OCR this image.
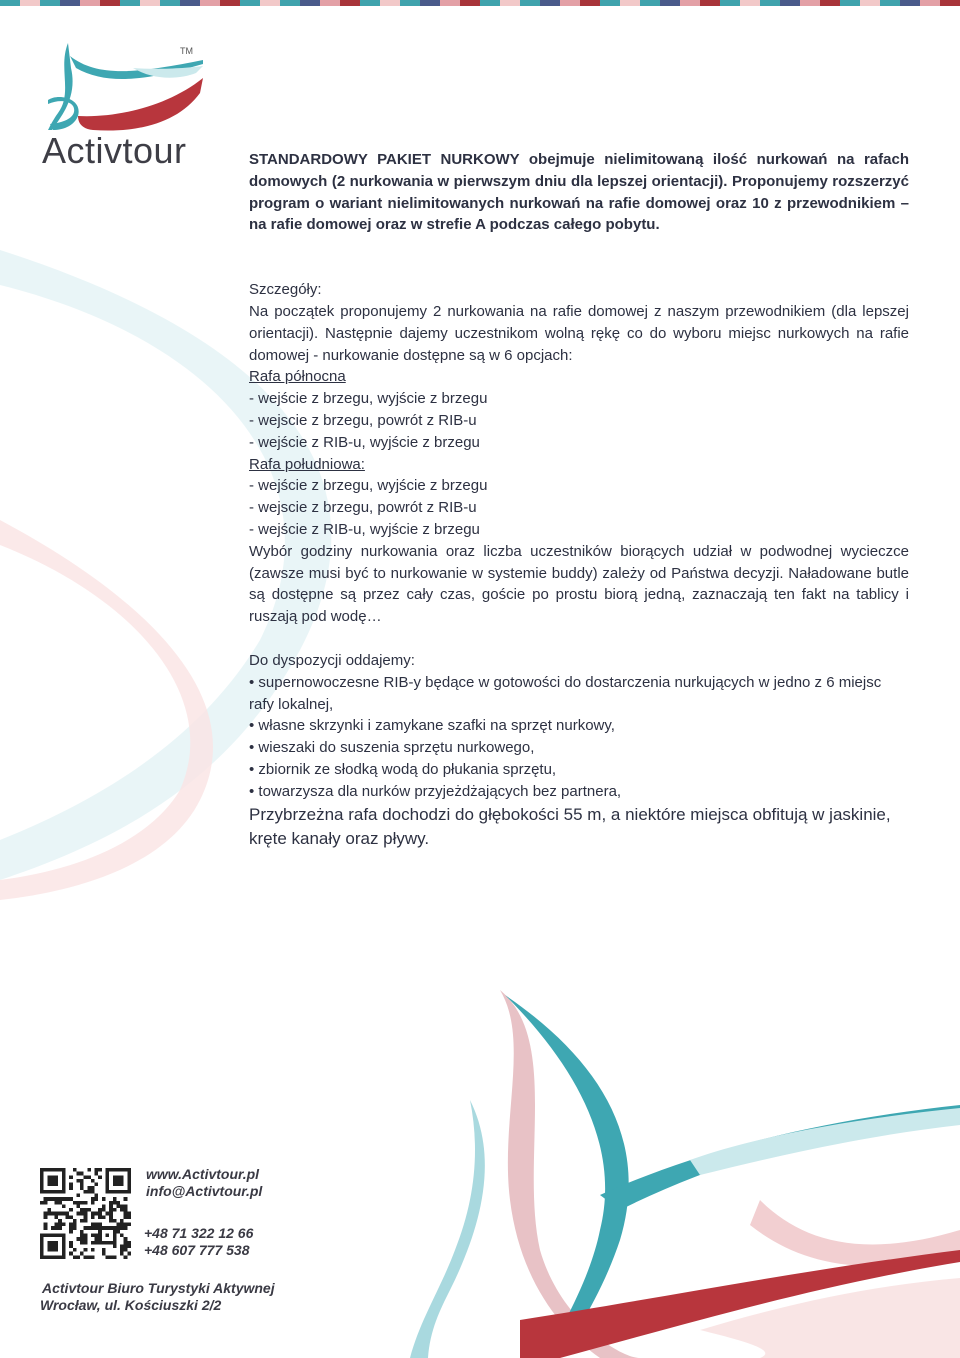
TM
Activtour	STANDARDOWY PAKIET NURKOWY obejmuje nielimitowaną ilość nurkowań na rafach domowych (2 nurkowania w pierwszym dniu dla lepszej orientacji). Proponujemy rozszerzyć program o wariant nielimitowanych nurkowań na rafie domowej oraz 10 z przewodnikiem – na rafie domowej oraz w strefie A podczas całego pobytu.

Szczegóły:

Na początek proponujemy 2 nurkowania na rafie domowej z naszym przewodnikiem (dla lepszej orientacji). Następnie dajemy uczestnikom wolną rękę co do wyboru miejsc nurkowych na rafie domowej - nurkowanie dostępne są w 6 opcjach:

Rafa północna

- wejście z brzegu, wyjście z brzegu

- wejscie z brzegu, powrót z RIB-u

- wejście z RIB-u, wyjście z brzegu

Rafa południowa:

- wejście z brzegu, wyjście z brzegu

- wejscie z brzegu, powrót z RIB-u

- wejście z RIB-u, wyjście z brzegu

Wybór godziny nurkowania oraz liczba uczestników biorących udział w podwodnej wycieczce (zawsze musi być to nurkowanie w systemie buddy) zależy od Państwa decyzji. Naładowane butle są dostępne są przez cały czas, goście po prostu biorą jedną, zaznaczają ten fakt na tablicy i ruszają pod wodę…

Do dyspozycji oddajemy:

• supernowoczesne RIB-y będące w gotowości do dostarczenia nurkujących w jedno z 6 miejsc rafy lokalnej,

• własne skrzynki i zamykane szafki na sprzęt nurkowy,

• wieszaki do suszenia sprzętu nurkowego,

• zbiornik ze słodką wodą do płukania sprzętu,

• towarzysza dla nurków przyjeżdżających bez partnera,

Przybrzeżna rafa dochodzi do głębokości 55 m, a niektóre miejsca obfitują w jaskinie, kręte kanały oraz pływy.

www.Activtour.pl
info@Activtour.pl
+48 71 322 12 66
+48 607 777 538
Activtour Biuro Turystyki Aktywnej
Wrocław, ul. Kościuszki 2/2
